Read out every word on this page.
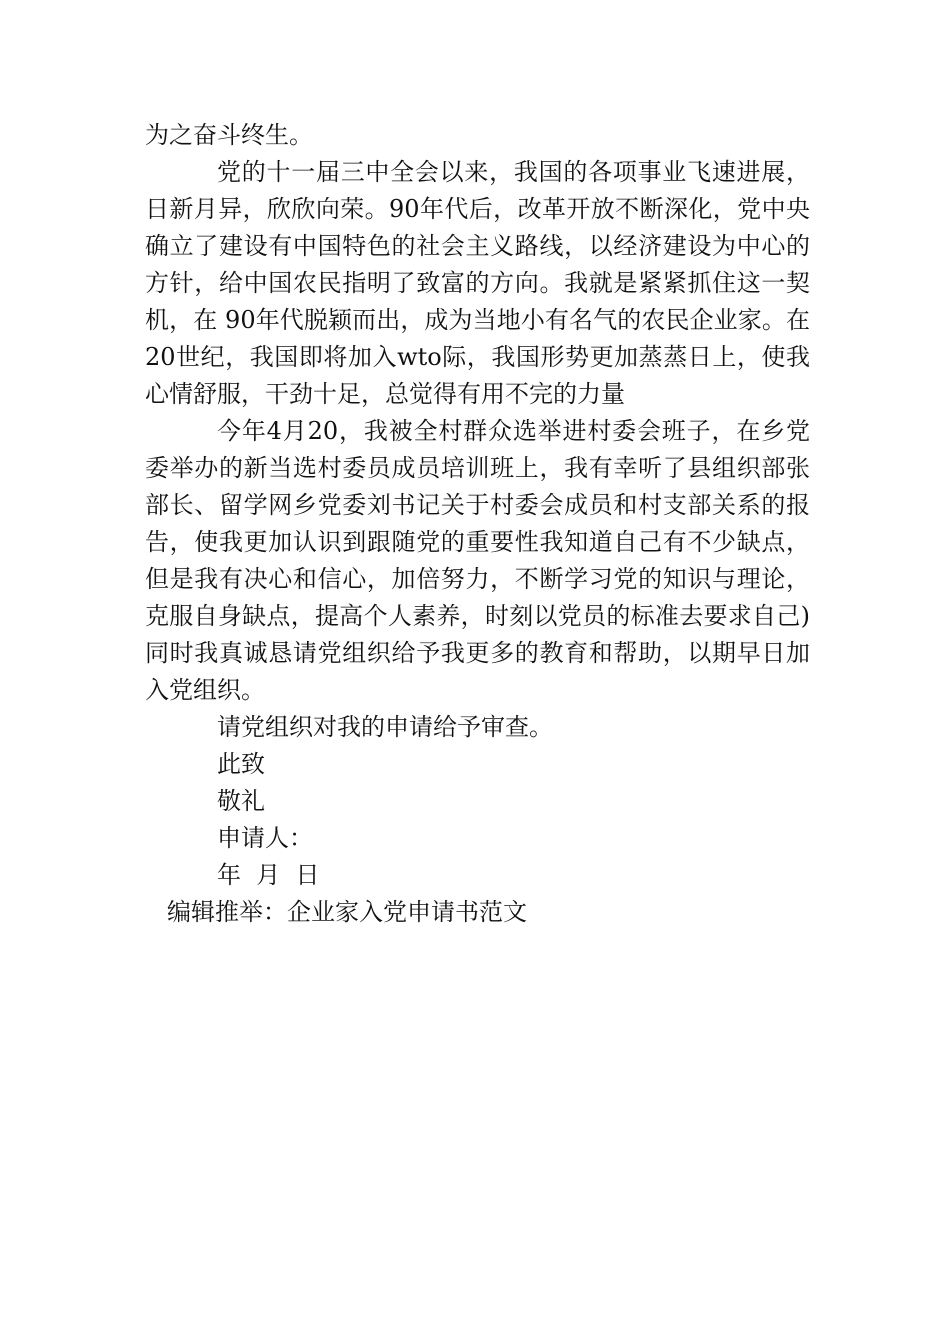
为之奋斗终生。

党的十一届三中全会以来，我国的各项事业飞速进展，日新月异，欣欣向荣。90年代后，改革开放不断深化，党中央确立了建设有中国特色的社会主义路线，以经济建设为中心的方针，给中国农民指明了致富的方向。我就是紧紧抓住这一契机，在 90年代脱颖而出，成为当地小有名气的农民企业家。在20世纪，我国即将加入wto际，我国形势更加蒸蒸日上，使我心情舒服，干劲十足，总觉得有用不完的力量

今年4月20，我被全村群众选举进村委会班子，在乡党委举办的新当选村委员成员培训班上，我有幸听了县组织部张部长、留学网乡党委刘书记关于村委会成员和村支部关系的报告，使我更加认识到跟随党的重要性我知道自己有不少缺点，但是我有决心和信心，加倍努力，不断学习党的知识与理论，克服自身缺点，提高个人素养，时刻以党员的标准去要求自己)同时我真诚恳请党组织给予我更多的教育和帮助，以期早日加入党组织。

请党组织对我的申请给予审查。

此致

敬礼

申请人：

年  月  日

编辑推举：企业家入党申请书范文
